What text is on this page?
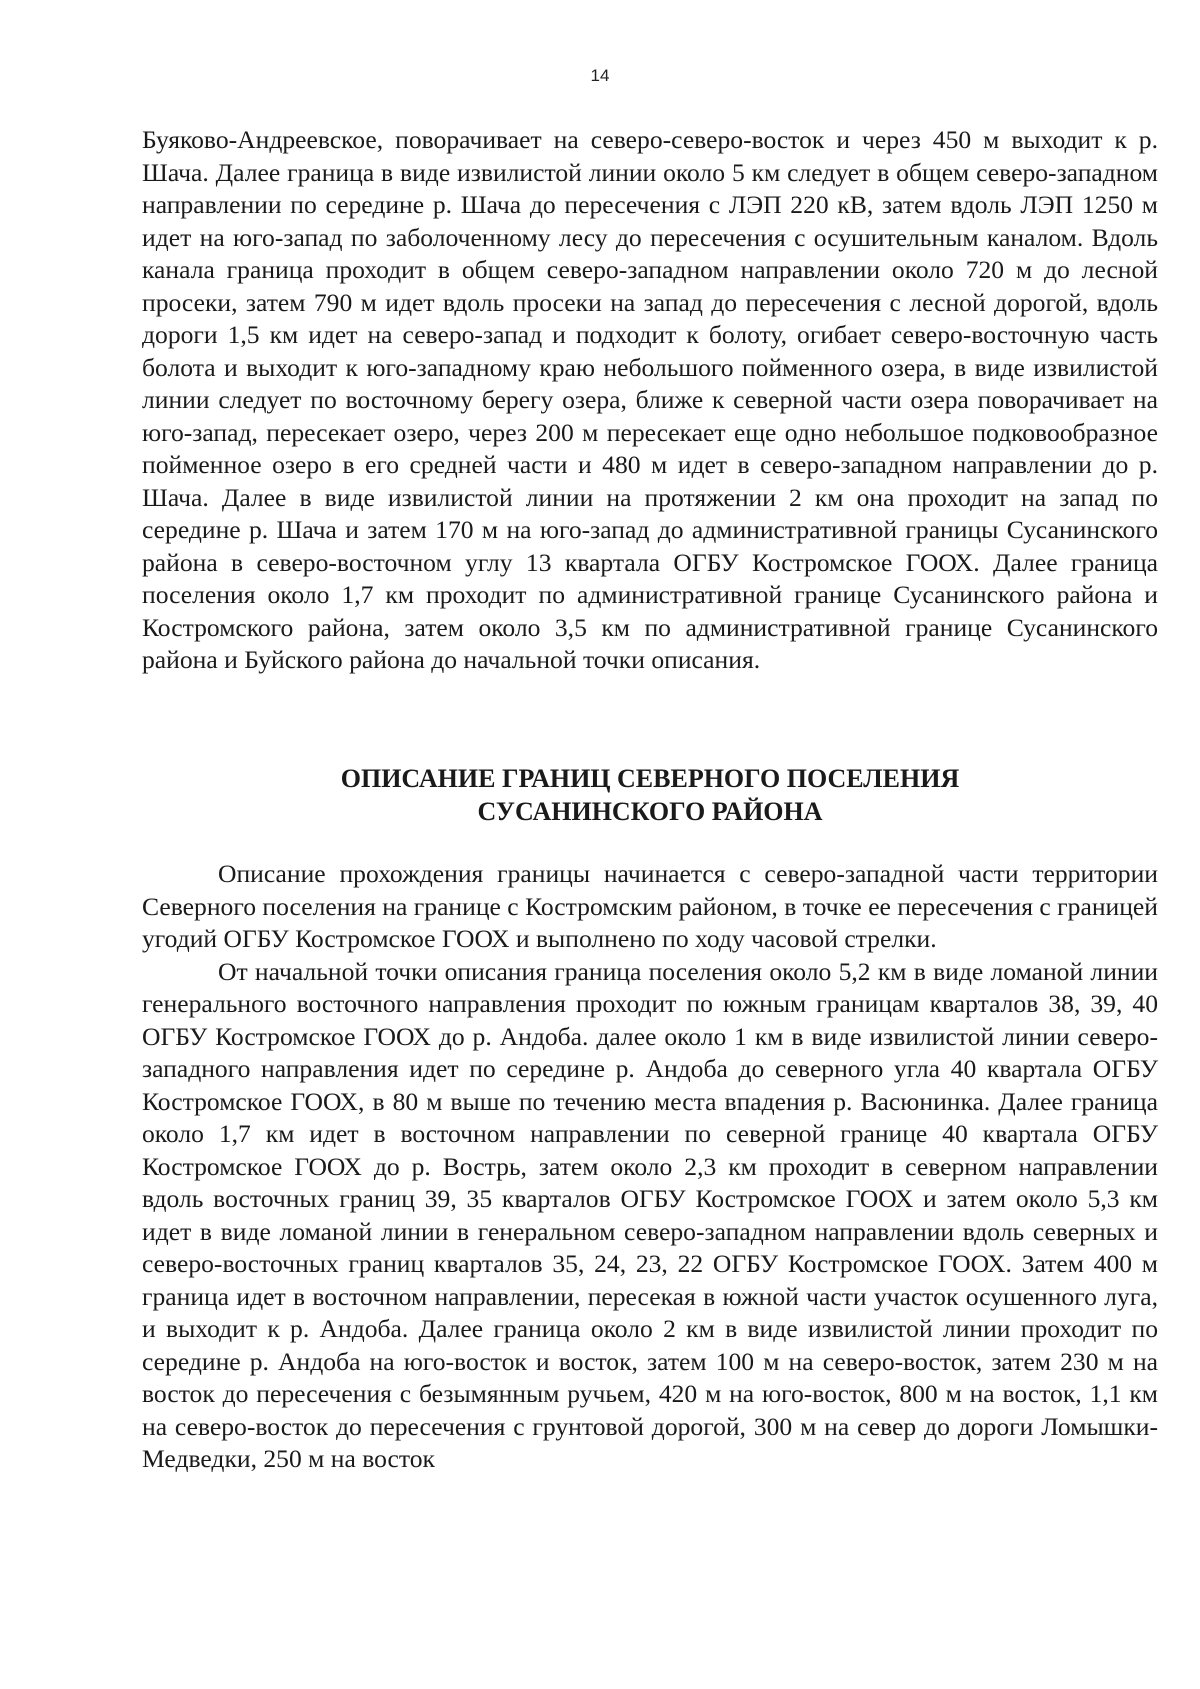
14

Буяково-Андреевское, поворачивает на северо-северо-восток и через 450 м выходит к р. Шача. Далее граница в виде извилистой линии около 5 км следует в общем северо-западном направлении по середине р. Шача до пересечения с ЛЭП 220 кВ, затем вдоль ЛЭП 1250 м идет на юго-запад по заболоченному лесу до пересечения с осушительным каналом. Вдоль канала граница проходит в общем северо-западном направлении около 720 м до лесной просеки, затем 790 м идет вдоль просеки на запад до пересечения с лесной дорогой, вдоль дороги 1,5 км идет на северо-запад и подходит к болоту, огибает северо-восточную часть болота и выходит к юго-западному краю небольшого пойменного озера, в виде извилистой линии следует по восточному берегу озера, ближе к северной части озера поворачивает на юго-запад, пересекает озеро, через 200 м пересекает еще одно небольшое подковообразное пойменное озеро в его средней части и 480 м идет в северо-западном направлении до р. Шача. Далее в виде извилистой линии на протяжении 2 км она проходит на запад по середине р. Шача и затем 170 м на юго-запад до административной границы Сусанинского района в северо-восточном углу 13 квартала ОГБУ Костромское ГООХ. Далее граница поселения около 1,7 км проходит по административной границе Сусанинского района и Костромского района, затем около 3,5 км по административной границе Сусанинского района и Буйского района до начальной точки описания.

ОПИСАНИЕ ГРАНИЦ СЕВЕРНОГО ПОСЕЛЕНИЯ
СУСАНИНСКОГО РАЙОНА

Описание прохождения границы начинается с северо-западной части территории Северного поселения на границе с Костромским районом, в точке ее пересечения с границей угодий ОГБУ Костромское ГООХ и выполнено по ходу часовой стрелки.

От начальной точки описания граница поселения около 5,2 км в виде ломаной линии генерального восточного направления проходит по южным границам кварталов 38, 39, 40 ОГБУ Костромское ГООХ до р. Андоба. далее около 1 км в виде извилистой линии северо-западного направления идет по середине р. Андоба до северного угла 40 квартала ОГБУ Костромское ГООХ, в 80 м выше по течению места впадения р. Васюнинка. Далее граница около 1,7 км идет в восточном направлении по северной границе 40 квартала ОГБУ Костромское ГООХ до р. Вострь, затем около 2,3 км проходит в северном направлении вдоль восточных границ 39, 35 кварталов ОГБУ Костромское ГООХ и затем около 5,3 км идет в виде ломаной линии в генеральном северо-западном направлении вдоль северных и северо-восточных границ кварталов 35, 24, 23, 22 ОГБУ Костромское ГООХ. Затем 400 м граница идет в восточном направлении, пересекая в южной части участок осушенного луга, и выходит к р. Андоба. Далее граница около 2 км в виде извилистой линии проходит по середине р. Андоба на юго-восток и восток, затем 100 м на северо-восток, затем 230 м на восток до пересечения с безымянным ручьем, 420 м на юго-восток, 800 м на восток, 1,1 км на северо-восток до пересечения с грунтовой дорогой, 300 м на север до дороги Ломышки-Медведки, 250 м на восток
